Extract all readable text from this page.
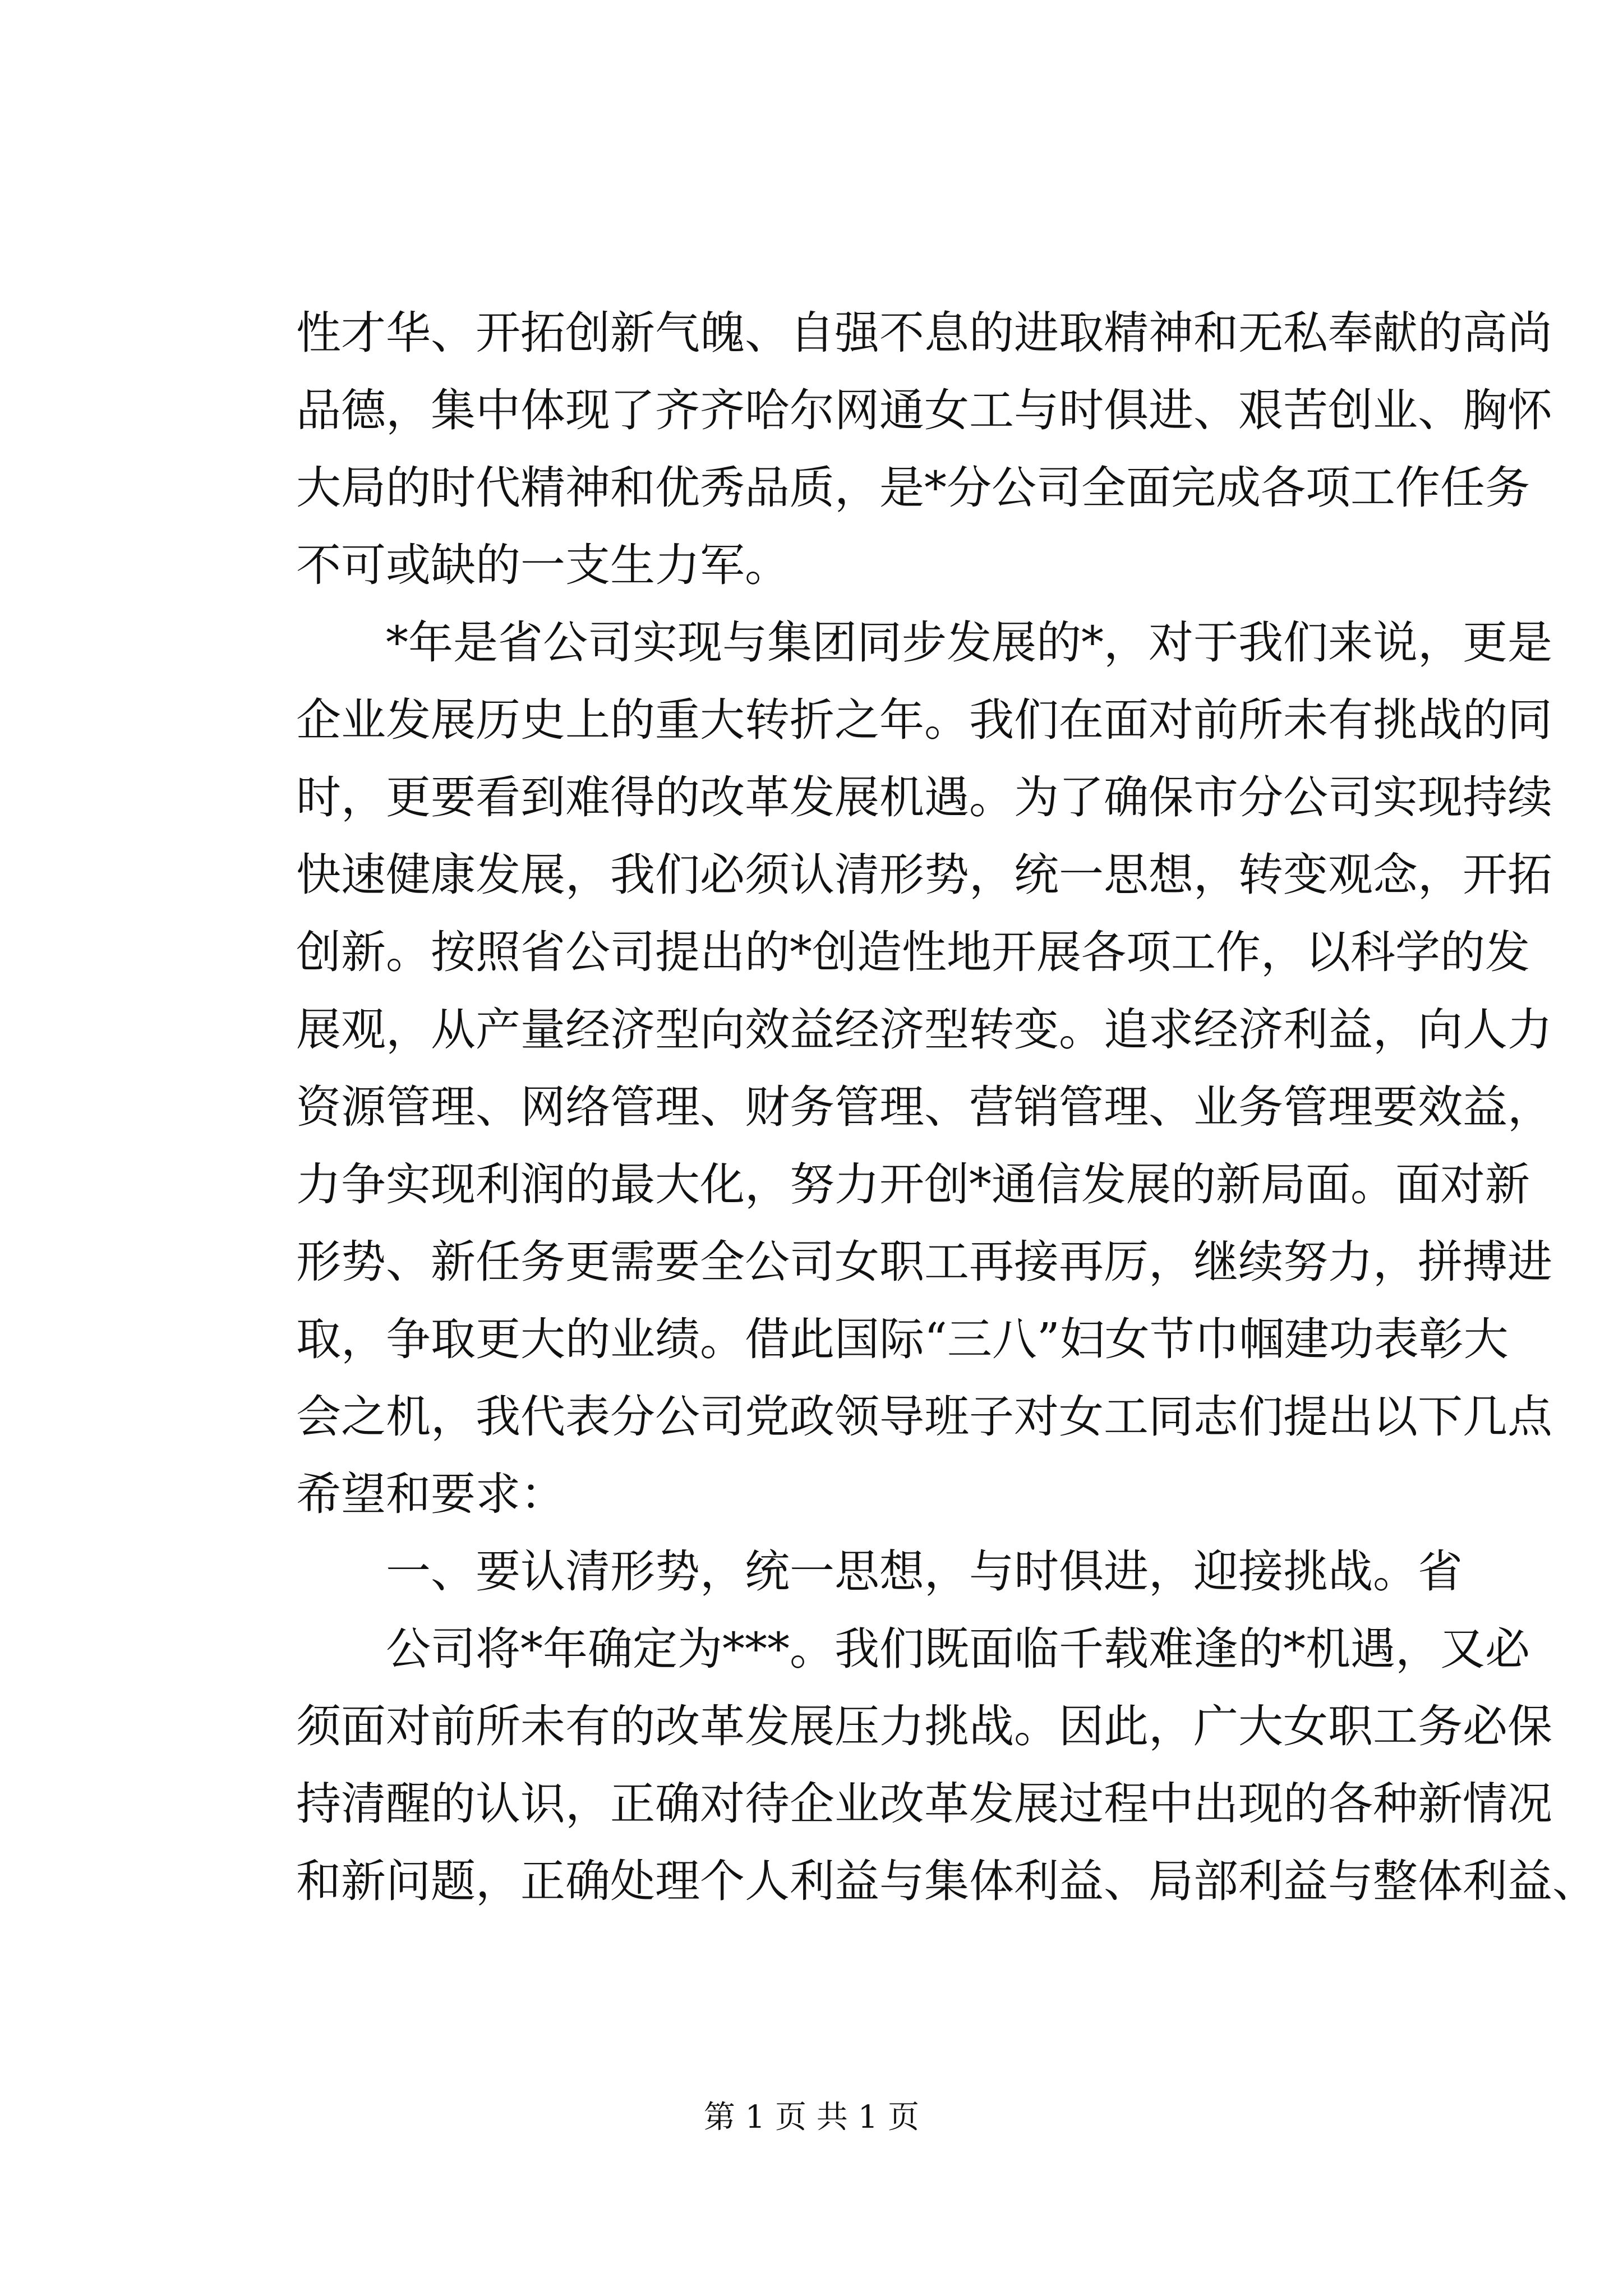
性才华、开拓创新气魄、自强不息的进取精神和无私奉献的高尚
品德，集中体现了齐齐哈尔网通女工与时俱进、艰苦创业、胸怀
大局的时代精神和优秀品质，是*分公司全面完成各项工作任务
不可或缺的一支生力军。
*年是省公司实现与集团同步发展的*，对于我们来说，更是
企业发展历史上的重大转折之年。我们在面对前所未有挑战的同
时，更要看到难得的改革发展机遇。为了确保市分公司实现持续
快速健康发展，我们必须认清形势，统一思想，转变观念，开拓
创新。按照省公司提出的*创造性地开展各项工作，以科学的发
展观，从产量经济型向效益经济型转变。追求经济利益，向人力
资源管理、网络管理、财务管理、营销管理、业务管理要效益，
力争实现利润的最大化，努力开创*通信发展的新局面。面对新
形势、新任务更需要全公司女职工再接再厉，继续努力，拼搏进
取，争取更大的业绩。借此国际“三八”妇女节巾帼建功表彰大
会之机，我代表分公司党政领导班子对女工同志们提出以下几点
希望和要求：
一、要认清形势，统一思想，与时俱进，迎接挑战。省
公司将*年确定为***。我们既面临千载难逢的*机遇，又必
须面对前所未有的改革发展压力挑战。因此，广大女职工务必保
持清醒的认识，正确对待企业改革发展过程中出现的各种新情况
和新问题，正确处理个人利益与集体利益、局部利益与整体利益、
第 1 页 共 1 页
